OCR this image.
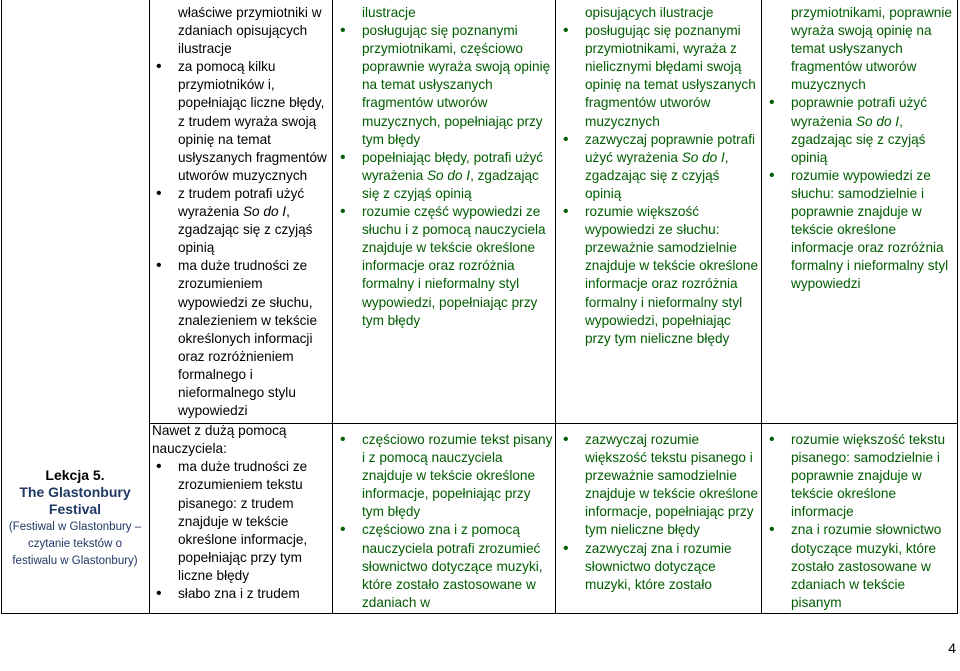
Lekcja 5.
The Glastonbury
Festival
(Festiwal w Glastonbury –
czytanie tekstów o
festiwalu w Glastonbury)
właściwe przymiotniki w zdaniach opisujących ilustracje
• za pomocą kilku przymiotników i, popełniając liczne błędy, z trudem wyraża swoją opinię na temat usłyszanych fragmentów utworów muzycznych
• z trudem potrafi użyć wyrażenia So do I, zgadzając się z czyjąś opinią
• ma duże trudności ze zrozumieniem wypowiedzi ze słuchu, znalezieniem w tekście określonych informacji oraz rozróżnieniem formalnego i nieformalnego stylu wypowiedzi

Nawet z dużą pomocą nauczyciela:

• ma duże trudności ze zrozumieniem tekstu pisanego: z trudem znajduje w tekście określone informacje, popełniając przy tym liczne błędy
• słabo zna i z trudem
ilustracje
• posługując się poznanymi przymiotnikami, częściowo poprawnie wyraża swoją opinię na temat usłyszanych fragmentów utworów muzycznych, popełniając przy tym błędy
• popełniając błędy, potrafi użyć wyrażenia So do I, zgadzając się z czyjąś opinią
• rozumie część wypowiedzi ze słuchu i z pomocą nauczyciela znajduje w tekście określone informacje oraz rozróżnia formalny i nieformalny styl wypowiedzi, popełniając przy tym błędy
• częściowo rozumie tekst pisany i z pomocą nauczyciela znajduje w tekście określone informacje, popełniając przy tym błędy
• częściowo zna i z pomocą nauczyciela potrafi zrozumieć słownictwo dotyczące muzyki, które zostało zastosowane w zdaniach w
opisujących ilustracje
• posługując się poznanymi przymiotnikami, wyraża z nielicznymi błędami swoją opinię na temat usłyszanych fragmentów utworów muzycznych
• zazwyczaj poprawnie potrafi użyć wyrażenia So do I, zgadzając się z czyjąś opinią
• rozumie większość wypowiedzi ze słuchu: przeważnie samodzielnie znajduje w tekście określone informacje oraz rozróżnia formalny i nieformalny styl wypowiedzi, popełniając przy tym nieliczne błędy
• zazwyczaj rozumie większość tekstu pisanego i przeważnie samodzielnie znajduje w tekście określone informacje, popełniając przy tym nieliczne błędy
• zazwyczaj zna i rozumie słownictwo dotyczące muzyki, które zostało
przymiotnikami, poprawnie wyraża swoją opinię na temat usłyszanych fragmentów utworów muzycznych
• poprawnie potrafi użyć wyrażenia So do I, zgadzając się z czyjąś opinią
• rozumie wypowiedzi ze słuchu: samodzielnie i poprawnie znajduje w tekście określone informacje oraz rozróżnia formalny i nieformalny styl wypowiedzi
• rozumie większość tekstu pisanego: samodzielnie i poprawnie znajduje w tekście określone informacje
• zna i rozumie słownictwo dotyczące muzyki, które zostało zastosowane w zdaniach w tekście pisanym
4
